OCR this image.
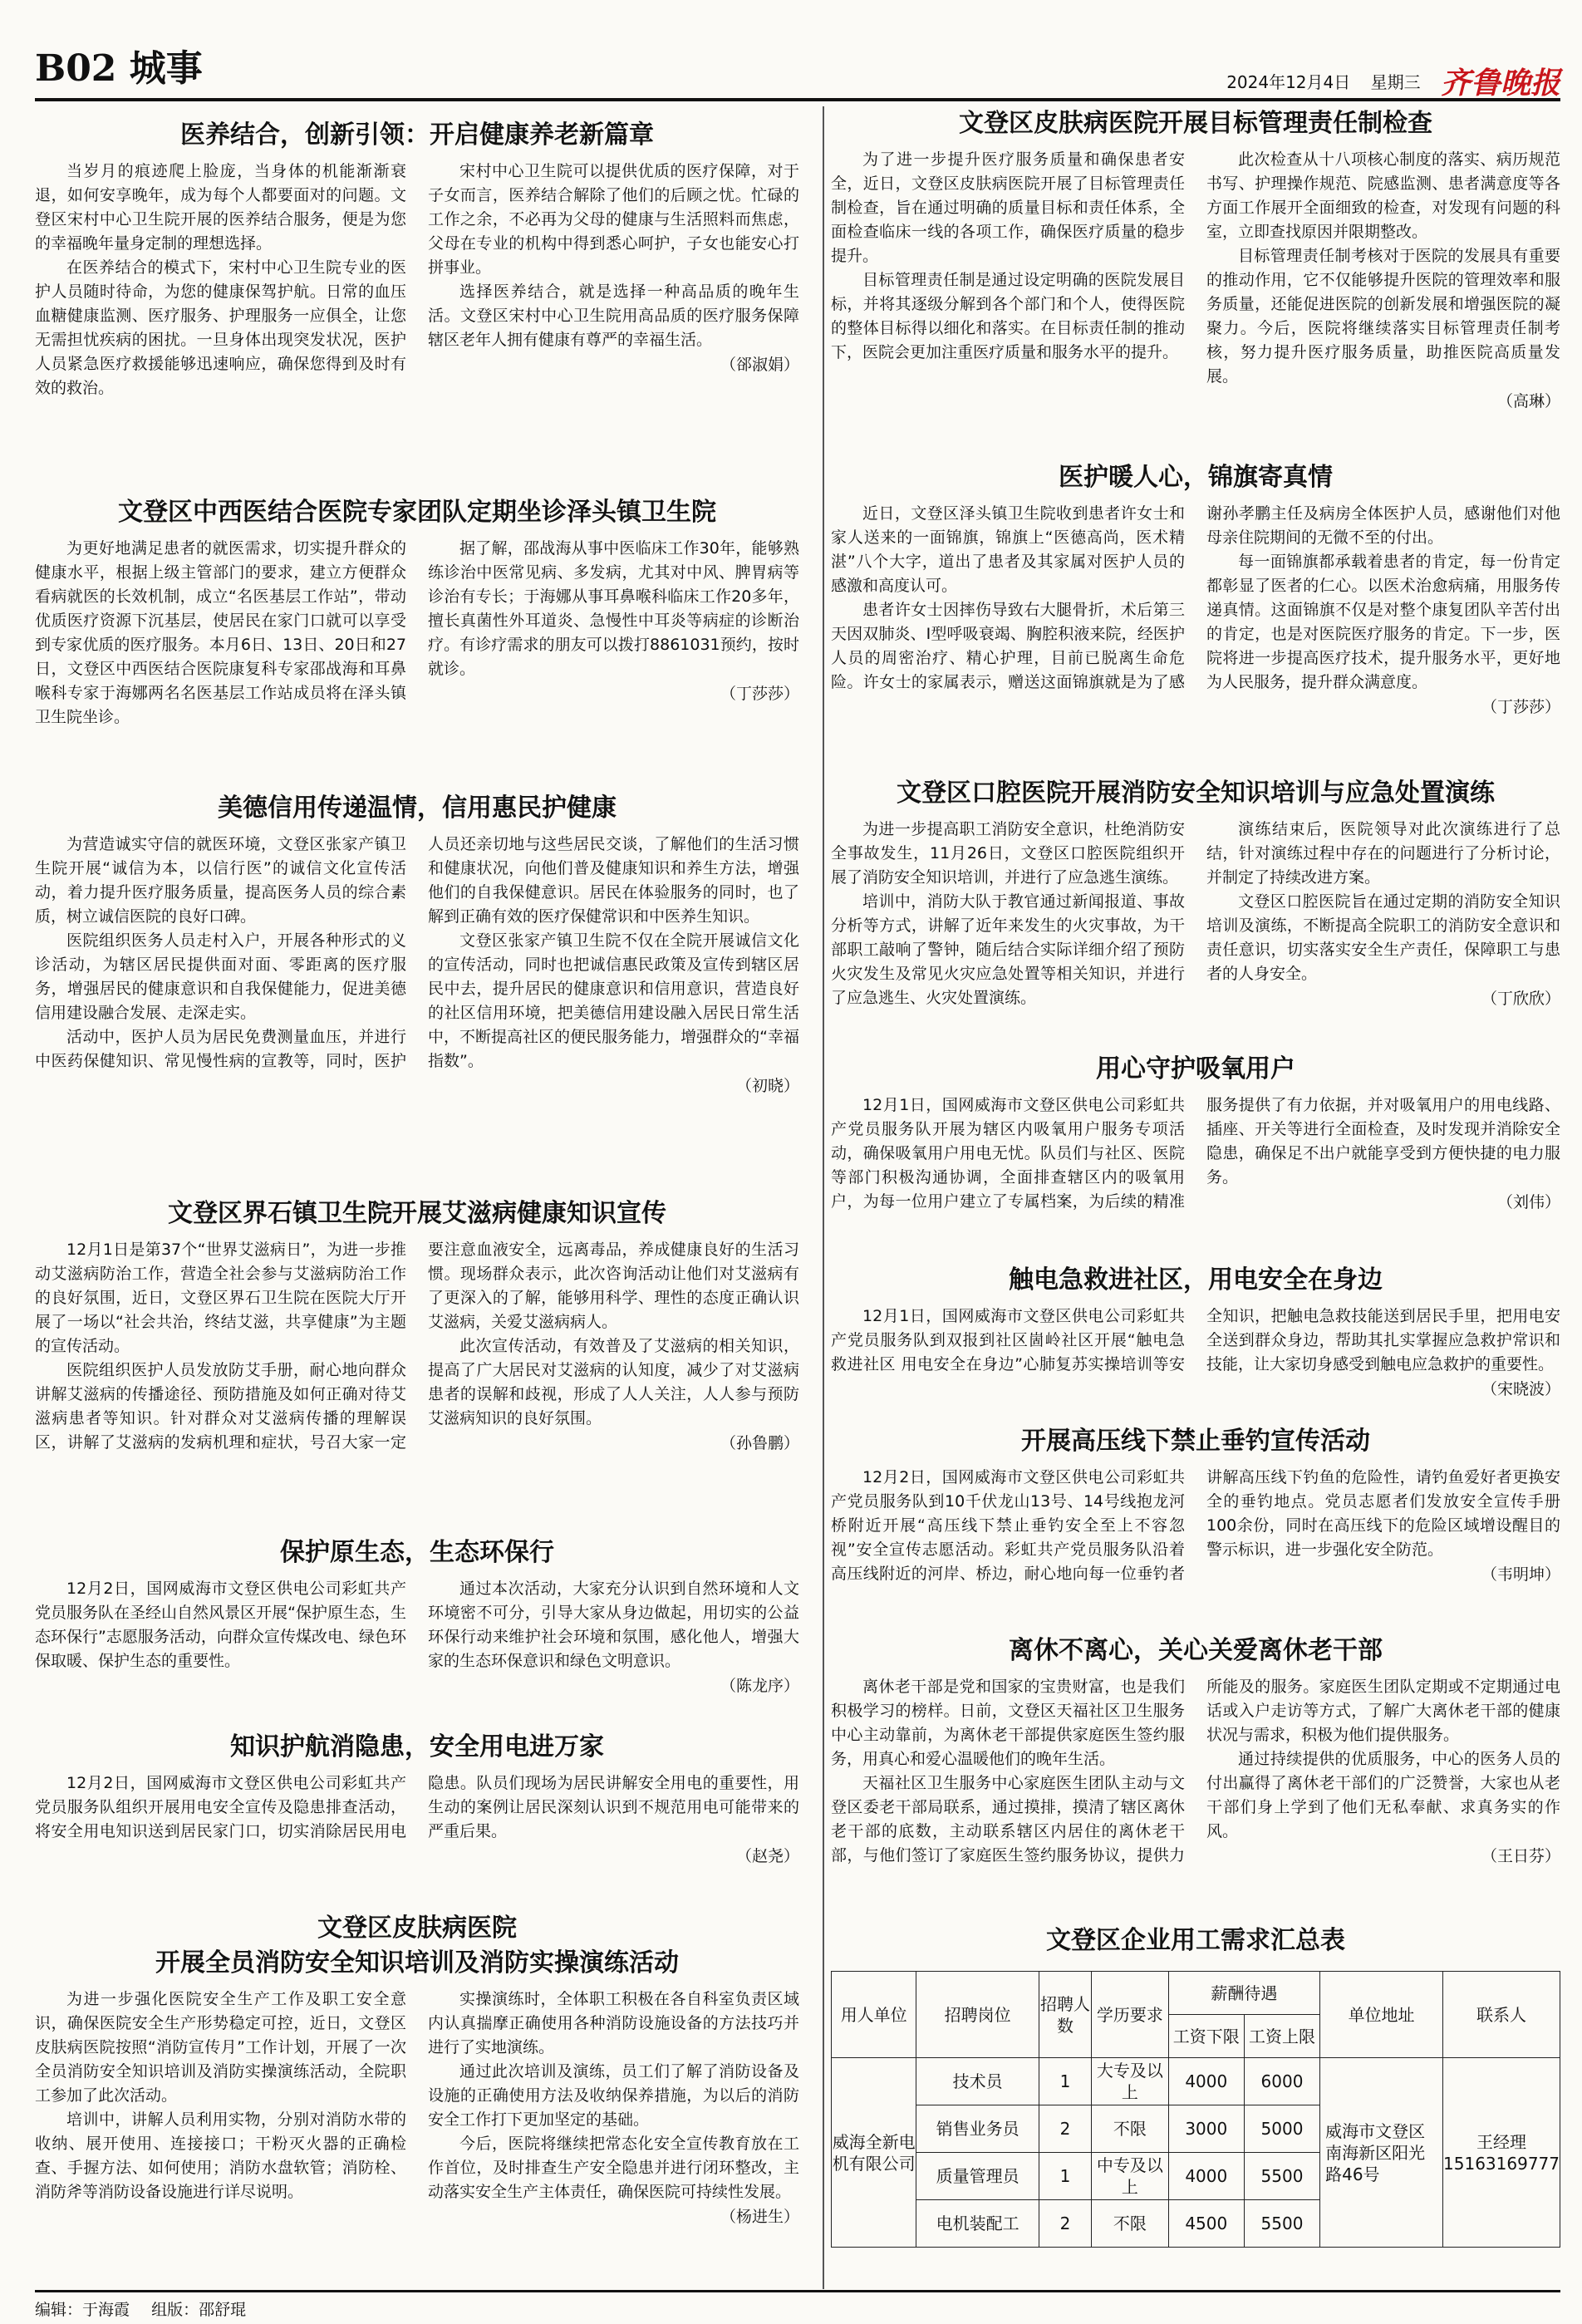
B02 城事	2024年12月4日 星期三 齐鲁晚报
医养结合，创新引领：开启健康养老新篇章

当岁月的痕迹爬上脸庞，当身体的机能渐渐衰退，如何安享晚年，成为每个人都要面对的问题。文登区宋村中心卫生院开展的医养结合服务，便是为您的幸福晚年量身定制的理想选择。

在医养结合的模式下，宋村中心卫生院专业的医护人员随时待命，为您的健康保驾护航。日常的血压血糖健康监测、医疗服务、护理服务一应俱全，让您无需担忧疾病的困扰。一旦身体出现突发状况，医护人员紧急医疗救援能够迅速响应，确保您得到及时有效的救治。

宋村中心卫生院可以提供优质的医疗保障，对于子女而言，医养结合解除了他们的后顾之忧。忙碌的工作之余，不必再为父母的健康与生活照料而焦虑，父母在专业的机构中得到悉心呵护，子女也能安心打拼事业。

选择医养结合，就是选择一种高品质的晚年生活。文登区宋村中心卫生院用高品质的医疗服务保障辖区老年人拥有健康有尊严的幸福生活。

（郤淑娟）
文登区中西医结合医院专家团队定期坐诊泽头镇卫生院

为更好地满足患者的就医需求，切实提升群众的健康水平，根据上级主管部门的要求，建立方便群众看病就医的长效机制，成立“名医基层工作站”，带动优质医疗资源下沉基层，使居民在家门口就可以享受到专家优质的医疗服务。本月6日、13日、20日和27日，文登区中西医结合医院康复科专家邵战海和耳鼻喉科专家于海娜两名名医基层工作站成员将在泽头镇卫生院坐诊。

据了解，邵战海从事中医临床工作30年，能够熟练诊治中医常见病、多发病，尤其对中风、脾胃病等诊治有专长；于海娜从事耳鼻喉科临床工作20多年，擅长真菌性外耳道炎、急慢性中耳炎等病症的诊断治疗。有诊疗需求的朋友可以拨打8861031预约，按时就诊。

（丁莎莎）
美德信用传递温情，信用惠民护健康

为营造诚实守信的就医环境，文登区张家产镇卫生院开展“诚信为本，以信行医”的诚信文化宣传活动，着力提升医疗服务质量，提高医务人员的综合素质，树立诚信医院的良好口碑。

医院组织医务人员走村入户，开展各种形式的义诊活动，为辖区居民提供面对面、零距离的医疗服务，增强居民的健康意识和自我保健能力，促进美德信用建设融合发展、走深走实。

活动中，医护人员为居民免费测量血压，并进行中医药保健知识、常见慢性病的宣教等，同时，医护人员还亲切地与这些居民交谈，了解他们的生活习惯和健康状况，向他们普及健康知识和养生方法，增强他们的自我保健意识。居民在体验服务的同时，也了解到正确有效的医疗保健常识和中医养生知识。

文登区张家产镇卫生院不仅在全院开展诚信文化的宣传活动，同时也把诚信惠民政策及宣传到辖区居民中去，提升居民的健康意识和信用意识，营造良好的社区信用环境，把美德信用建设融入居民日常生活中，不断提高社区的便民服务能力，增强群众的“幸福指数”。

（初晓）
文登区界石镇卫生院开展艾滋病健康知识宣传

12月1日是第37个“世界艾滋病日”，为进一步推动艾滋病防治工作，营造全社会参与艾滋病防治工作的良好氛围，近日，文登区界石卫生院在医院大厅开展了一场以“社会共治，终结艾滋，共享健康”为主题的宣传活动。

医院组织医护人员发放防艾手册，耐心地向群众讲解艾滋病的传播途径、预防措施及如何正确对待艾滋病患者等知识。针对群众对艾滋病传播的理解误区，讲解了艾滋病的发病机理和症状，号召大家一定要注意血液安全，远离毒品，养成健康良好的生活习惯。现场群众表示，此次咨询活动让他们对艾滋病有了更深入的了解，能够用科学、理性的态度正确认识艾滋病，关爱艾滋病病人。

此次宣传活动，有效普及了艾滋病的相关知识，提高了广大居民对艾滋病的认知度，减少了对艾滋病患者的误解和歧视，形成了人人关注，人人参与预防艾滋病知识的良好氛围。

（孙鲁鹏）
保护原生态，生态环保行

12月2日，国网威海市文登区供电公司彩虹共产党员服务队在圣经山自然风景区开展“保护原生态，生态环保行”志愿服务活动，向群众宣传煤改电、绿色环保取暖、保护生态的重要性。

通过本次活动，大家充分认识到自然环境和人文环境密不可分，引导大家从身边做起，用切实的公益环保行动来维护社会环境和氛围，感化他人，增强大家的生态环保意识和绿色文明意识。

（陈龙序）
知识护航消隐患，安全用电进万家

12月2日，国网威海市文登区供电公司彩虹共产党员服务队组织开展用电安全宣传及隐患排查活动，将安全用电知识送到居民家门口，切实消除居民用电隐患。队员们现场为居民讲解安全用电的重要性，用生动的案例让居民深刻认识到不规范用电可能带来的严重后果。

（赵尧）
文登区皮肤病医院
开展全员消防安全知识培训及消防实操演练活动

为进一步强化医院安全生产工作及职工安全意识，确保医院安全生产形势稳定可控，近日，文登区皮肤病医院按照“消防宣传月”工作计划，开展了一次全员消防安全知识培训及消防实操演练活动，全院职工参加了此次活动。

培训中，讲解人员利用实物，分别对消防水带的收纳、展开使用、连接接口；干粉灭火器的正确检查、手握方法、如何使用；消防水盘软管；消防栓、消防斧等消防设备设施进行详尽说明。

实操演练时，全体职工积极在各自科室负责区域内认真揣摩正确使用各种消防设施设备的方法技巧并进行了实地演练。

通过此次培训及演练，员工们了解了消防设备及设施的正确使用方法及收纳保养措施，为以后的消防安全工作打下更加坚定的基础。

今后，医院将继续把常态化安全宣传教育放在工作首位，及时排查生产安全隐患并进行闭环整改，主动落实安全生产主体责任，确保医院可持续性发展。

（杨进生）
文登区皮肤病医院开展目标管理责任制检查

为了进一步提升医疗服务质量和确保患者安全，近日，文登区皮肤病医院开展了目标管理责任制检查，旨在通过明确的质量目标和责任体系，全面检查临床一线的各项工作，确保医疗质量的稳步提升。

目标管理责任制是通过设定明确的医院发展目标，并将其逐级分解到各个部门和个人，使得医院的整体目标得以细化和落实。在目标责任制的推动下，医院会更加注重医疗质量和服务水平的提升。

此次检查从十八项核心制度的落实、病历规范书写、护理操作规范、院感监测、患者满意度等各方面工作展开全面细致的检查，对发现有问题的科室，立即查找原因并限期整改。

目标管理责任制考核对于医院的发展具有重要的推动作用，它不仅能够提升医院的管理效率和服务质量，还能促进医院的创新发展和增强医院的凝聚力。今后，医院将继续落实目标管理责任制考核，努力提升医疗服务质量，助推医院高质量发展。

（高琳）
医护暖人心，锦旗寄真情

近日，文登区泽头镇卫生院收到患者许女士和家人送来的一面锦旗，锦旗上“医德高尚，医术精湛”八个大字，道出了患者及其家属对医护人员的感激和高度认可。

患者许女士因摔伤导致右大腿骨折，术后第三天因双肺炎、I型呼吸衰竭、胸腔积液来院，经医护人员的周密治疗、精心护理，目前已脱离生命危险。许女士的家属表示，赠送这面锦旗就是为了感谢孙孝鹏主任及病房全体医护人员，感谢他们对他母亲住院期间的无微不至的付出。

每一面锦旗都承载着患者的肯定，每一份肯定都彰显了医者的仁心。以医术治愈病痛，用服务传递真情。这面锦旗不仅是对整个康复团队辛苦付出的肯定，也是对医院医疗服务的肯定。下一步，医院将进一步提高医疗技术，提升服务水平，更好地为人民服务，提升群众满意度。

（丁莎莎）
文登区口腔医院开展消防安全知识培训与应急处置演练

为进一步提高职工消防安全意识，杜绝消防安全事故发生，11月26日，文登区口腔医院组织开展了消防安全知识培训，并进行了应急逃生演练。

培训中，消防大队于教官通过新闻报道、事故分析等方式，讲解了近年来发生的火灾事故，为干部职工敲响了警钟，随后结合实际详细介绍了预防火灾发生及常见火灾应急处置等相关知识，并进行了应急逃生、火灾处置演练。

演练结束后，医院领导对此次演练进行了总结，针对演练过程中存在的问题进行了分析讨论，并制定了持续改进方案。

文登区口腔医院旨在通过定期的消防安全知识培训及演练，不断提高全院职工的消防安全意识和责任意识，切实落实安全生产责任，保障职工与患者的人身安全。

（丁欣欣）
用心守护吸氧用户

12月1日，国网威海市文登区供电公司彩虹共产党员服务队开展为辖区内吸氧用户服务专项活动，确保吸氧用户用电无忧。队员们与社区、医院等部门积极沟通协调，全面排查辖区内的吸氧用户，为每一位用户建立了专属档案，为后续的精准服务提供了有力依据，并对吸氧用户的用电线路、插座、开关等进行全面检查，及时发现并消除安全隐患，确保足不出户就能享受到方便快捷的电力服务。

（刘伟）
触电急救进社区，用电安全在身边

12月1日，国网威海市文登区供电公司彩虹共产党员服务队到双报到社区崮岭社区开展“触电急救进社区 用电安全在身边”心肺复苏实操培训等安全知识，把触电急救技能送到居民手里，把用电安全送到群众身边，帮助其扎实掌握应急救护常识和技能，让大家切身感受到触电应急救护的重要性。

（宋晓波）
开展高压线下禁止垂钓宣传活动

12月2日，国网威海市文登区供电公司彩虹共产党员服务队到10千伏龙山13号、14号线抱龙河桥附近开展“高压线下禁止垂钓安全至上不容忽视”安全宣传志愿活动。彩虹共产党员服务队沿着高压线附近的河岸、桥边，耐心地向每一位垂钓者讲解高压线下钓鱼的危险性，请钓鱼爱好者更换安全的垂钓地点。党员志愿者们发放安全宣传手册100余份，同时在高压线下的危险区域增设醒目的警示标识，进一步强化安全防范。

（韦明坤）
离休不离心，关心关爱离休老干部

离休老干部是党和国家的宝贵财富，也是我们积极学习的榜样。日前，文登区天福社区卫生服务中心主动靠前，为离休老干部提供家庭医生签约服务，用真心和爱心温暖他们的晚年生活。

天福社区卫生服务中心家庭医生团队主动与文登区委老干部局联系，通过摸排，摸清了辖区离休老干部的底数，主动联系辖区内居住的离休老干部，与他们签订了家庭医生签约服务协议，提供力所能及的服务。家庭医生团队定期或不定期通过电话或入户走访等方式，了解广大离休老干部的健康状况与需求，积极为他们提供服务。

通过持续提供的优质服务，中心的医务人员的付出赢得了离休老干部们的广泛赞誉，大家也从老干部们身上学到了他们无私奉献、求真务实的作风。

（王日芬）
文登区企业用工需求汇总表
用人单位	招聘岗位	招聘人数	学历要求	薪酬待遇		单位地址	联系人
				工资下限	工资上限		
威海全新电机有限公司	技术员	1	大专及以上	4000	6000	威海市文登区南海新区阳光路46号	王经理
15163169777

	销售业务员	2	不限	3000	5000		
	质量管理员	1	中专及以上	4000	5500		
	电机装配工	2	不限	4500	5500		
编辑：于海霞 组版：邵舒琨
